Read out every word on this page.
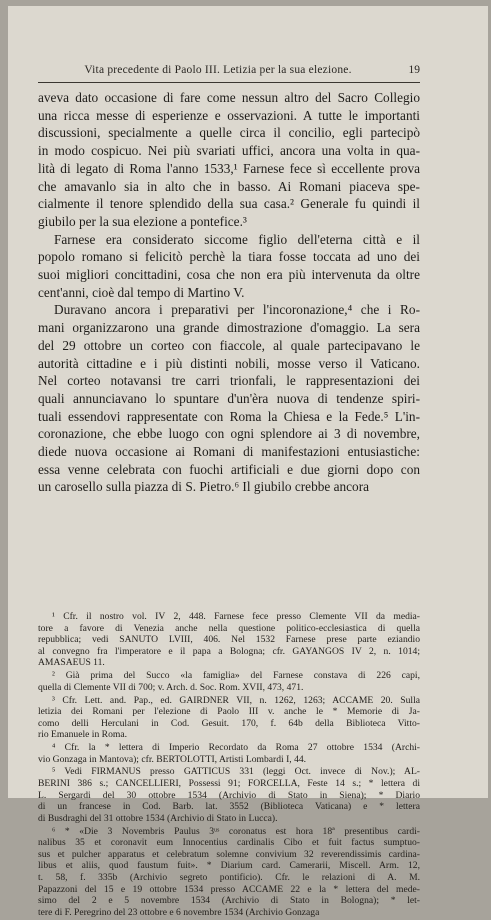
Vita precedente di Paolo III. Letizia per la sua elezione.	19

aveva dato occasione di fare come nessun altro del Sacro Collegio
una ricca messe di esperienze e osservazioni. A tutte le importanti
discussioni, specialmente a quelle circa il concilio, egli partecipò
in modo cospicuo. Nei più svariati uffici, ancora una volta in qua-
lità di legato di Roma l'anno 1533,¹ Farnese fece sì eccellente prova
che amavanlo sia in alto che in basso. Ai Romani piaceva spe-
cialmente il tenore splendido della sua casa.² Generale fu quindi il
giubilo per la sua elezione a pontefice.³

Farnese era considerato siccome figlio dell'eterna città e il
popolo romano si felicitò perchè la tiara fosse toccata ad uno dei
suoi migliori concittadini, cosa che non era più intervenuta da oltre
cent'anni, cioè dal tempo di Martino V.

Duravano ancora i preparativi per l'incoronazione,⁴ che i Ro-
mani organizzarono una grande dimostrazione d'omaggio. La sera
del 29 ottobre un corteo con fiaccole, al quale partecipavano le
autorità cittadine e i più distinti nobili, mosse verso il Vaticano.
Nel corteo notavansi tre carri trionfali, le rappresentazioni dei
quali annunciavano lo spuntare d'un'èra nuova di tendenze spiri-
tuali essendovi rappresentate con Roma la Chiesa e la Fede.⁵ L'in-
coronazione, che ebbe luogo con ogni splendore ai 3 di novembre,
diede nuova occasione ai Romani di manifestazioni entusiastiche:
essa venne celebrata con fuochi artificiali e due giorni dopo con
un carosello sulla piazza di S. Pietro.⁶ Il giubilo crebbe ancora

¹ Cfr. il nostro vol. IV 2, 448. Farnese fece presso Clemente VII da media-
tore a favore di Venezia anche nella questione politico-ecclesiastica di quella
repubblica; vedi SANUTO LVIII, 406. Nel 1532 Farnese prese parte eziandio
al convegno fra l'imperatore e il papa a Bologna; cfr. GAYANGOS IV 2, n. 1014;
AMASAEUS 11.

² Già prima del Succo «la famiglia» del Farnese constava di 226 capi,
quella di Clemente VII di 700; v. Arch. d. Soc. Rom. XVII, 473, 471.

³ Cfr. Lett. and. Pap., ed. GAIRDNER VII, n. 1262, 1263; ACCAME 20. Sulla
letizia dei Romani per l'elezione di Paolo III v. anche le * Memorie di Ja-
como delli Herculani in Cod. Gesuit. 170, f. 64b della Biblioteca Vitto-
rio Emanuele in Roma.

⁴ Cfr. la * lettera di Imperio Recordato da Roma 27 ottobre 1534 (Archi-
vio Gonzaga in Mantova); cfr. BERTOLOTTI, Artisti Lombardi I, 44.

⁵ Vedi FIRMANUS presso GATTICUS 331 (leggi Oct. invece di Nov.); AL-
BERINI 386 s.; CANCELLIERI, Possessi 91; FORCELLA, Feste 14 s.; * lettera di
L. Sergardi del 30 ottobre 1534 (Archivio di Stato in Siena); * Diario
di un francese in Cod. Barb. lat. 3552 (Biblioteca Vaticana) e * lettera
di Busdraghi del 31 ottobre 1534 (Archivio di Stato in Lucca).

⁶ * «Die 3 Novembris Paulus 3ᵘˢ coronatus est hora 18ª presentibus cardi-
nalibus 35 et coronavit eum Innocentius cardinalis Cibo et fuit factus sumptuo-
sus et pulcher apparatus et celebratum solemne convivium 32 reverendissimis cardina-
libus et aliis, quod faustum fuit». * Diarium card. Camerarii, Miscell. Arm. 12,
t. 58, f. 335b (Archivio segreto pontificio). Cfr. le relazioni di A. M.
Papazzoni del 15 e 19 ottobre 1534 presso ACCAME 22 e la * lettera del mede-
simo del 2 e 5 novembre 1534 (Archivio di Stato in Bologna); * let-
tere di F. Peregrino del 23 ottobre e 6 novembre 1534 (Archivio Gonzaga
